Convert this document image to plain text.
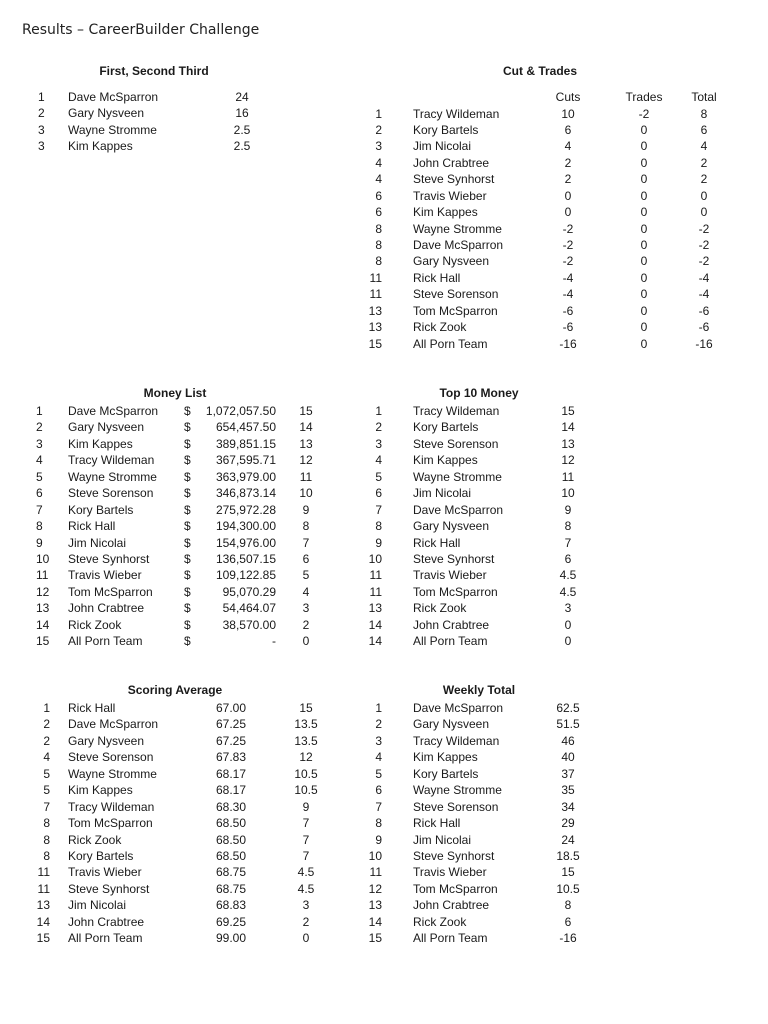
Results – CareerBuilder Challenge
First, Second Third
1 Dave McSparron	24
2 Gary Nysveen	16
3 Wayne Stromme	2.5
3 Kim Kappes	2.5
Cut & Trades
Cuts	Trades	Total
1	Tracy Wildeman	10	-2	8
2	Kory Bartels	6	0	6
3	Jim Nicolai	4	0	4
4	John Crabtree	2	0	2
4	Steve Synhorst	2	0	2
6	Travis Wieber	0	0	0
6	Kim Kappes	0	0	0
8	Wayne Stromme	-2	0	-2
8	Dave McSparron	-2	0	-2
8	Gary Nysveen	-2	0	-2
11	Rick Hall	-4	0	-4
11	Steve Sorenson	-4	0	-4
13	Tom McSparron	-6	0	-6
13	Rick Zook	-6	0	-6
15	All Porn Team	-16	0	-16
Money List
1 Dave McSparron $	1,072,057.50	15
2 Gary Nysveen	$	654,457.50	14
3 Kim Kappes	$	389,851.15	13
4 Tracy Wildeman $	367,595.71	12
5 Wayne Stromme $	363,979.00	11
6 Steve Sorenson	$	346,873.14	10
7 Kory Bartels	$	275,972.28	9
8 Rick Hall	$	194,300.00	8
9 Jim Nicolai	$	154,976.00	7
10 Steve Synhorst	$	136,507.15	6
11 Travis Wieber	$	109,122.85	5
12 Tom McSparron	$	95,070.29	4
13 John Crabtree	$	54,464.07	3
14 Rick Zook	$	38,570.00	2
15 All Porn Team	$	-	0
Top 10 Money
1	Tracy Wildeman	15
2	Kory Bartels	14
3	Steve Sorenson	13
4	Kim Kappes	12
5	Wayne Stromme	11
6	Jim Nicolai	10
7	Dave McSparron	9
8	Gary Nysveen	8
9	Rick Hall	7
10	Steve Synhorst	6
11	Travis Wieber	4.5
11	Tom McSparron	4.5
13	Rick Zook	3
14	John Crabtree	0
14	All Porn Team	0
Scoring Average
1 Rick Hall	67.00	15
2 Dave McSparron	67.25	13.5
2 Gary Nysveen	67.25	13.5
4 Steve Sorenson	67.83	12
5 Wayne Stromme	68.17	10.5
5 Kim Kappes	68.17	10.5
7 Tracy Wildeman	68.30	9
8 Tom McSparron	68.50	7
8 Rick Zook	68.50	7
8 Kory Bartels	68.50	7
11 Travis Wieber	68.75	4.5
11 Steve Synhorst	68.75	4.5
13 Jim Nicolai	68.83	3
14 John Crabtree	69.25	2
15 All Porn Team	99.00	0
Weekly Total
1	Dave McSparron	62.5
2	Gary Nysveen	51.5
3	Tracy Wildeman	46
4	Kim Kappes	40
5	Kory Bartels	37
6	Wayne Stromme	35
7	Steve Sorenson	34
8	Rick Hall	29
9	Jim Nicolai	24
10	Steve Synhorst	18.5
11	Travis Wieber	15
12	Tom McSparron	10.5
13	John Crabtree	8
14	Rick Zook	6
15	All Porn Team	-16
